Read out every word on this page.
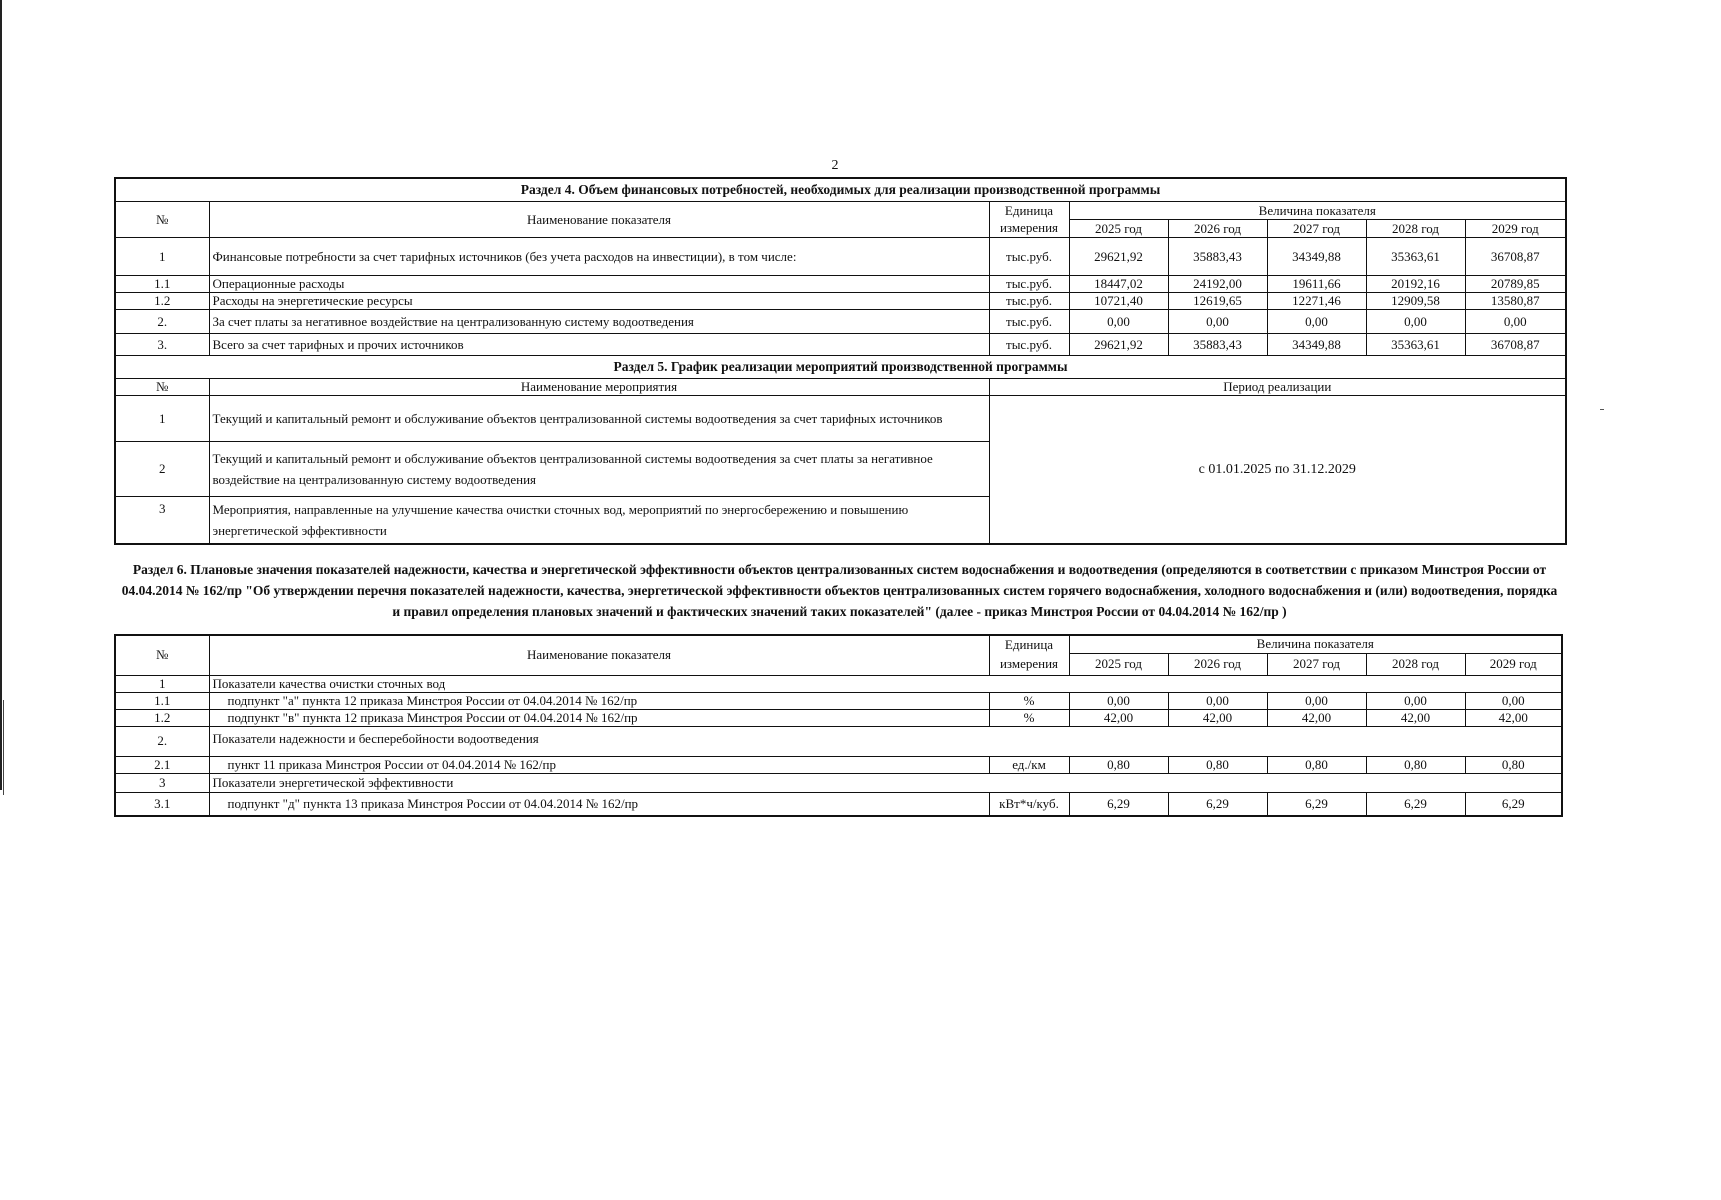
2
Раздел 4. Объем финансовых потребностей, необходимых для реализации производственной программы							
№	Наименование показателя	Единица	Величина показателя				
		измерения	2025 год	2026 год	2027 год	2028 год	2029 год
1	Финансовые потребности за счет тарифных источников (без учета расходов на инвестиции), в том числе:	тыс.руб.	29621,92	35883,43	34349,88	35363,61	36708,87
1.1	Операционные расходы	тыс.руб.	18447,02	24192,00	19611,66	20192,16	20789,85
1.2	Расходы на энергетические ресурсы	тыс.руб.	10721,40	12619,65	12271,46	12909,58	13580,87
2.	За счет платы за негативное воздействие на централизованную систему водоотведения	тыс.руб.	0,00	0,00	0,00	0,00	0,00
3.	Всего за счет тарифных и прочих источников	тыс.руб.	29621,92	35883,43	34349,88	35363,61	36708,87
Раздел 5. График реализации мероприятий производственной программы							
№	Наименование мероприятия	Период реализации					
1	Текущий и капитальный ремонт и обслуживание объектов централизованной системы водоотведения за счет тарифных источников	с 01.01.2025 по 31.12.2029					
2	Текущий и капитальный ремонт и обслуживание объектов централизованной системы водоотведения за счет платы за негативное воздействие на централизованную систему водоотведения						
3	Мероприятия, направленные на улучшение качества очистки сточных вод, мероприятий по энергосбережению и повышению энергетической эффективности						
Раздел 6. Плановые значения показателей надежности, качества и энергетической эффективности объектов централизованных систем водоснабжения и водоотведения (определяются в соответствии с приказом Минстроя России от 04.04.2014 № 162/пр "Об утверждении перечня показателей надежности, качества, энергетической эффективности объектов централизованных систем горячего водоснабжения, холодного водоснабжения и (или) водоотведения, порядка и правил определения плановых значений и фактических значений таких показателей" (далее - приказ Минстроя России от 04.04.2014 № 162/пр )
№	Наименование показателя	Единица	Величина показателя				
		измерения	2025 год	2026 год	2027 год	2028 год	2029 год
1	Показатели качества очистки сточных вод						
1.1	подпункт "а" пункта 12 приказа Минстроя России от 04.04.2014 № 162/пр	%	0,00	0,00	0,00	0,00	0,00
1.2	подпункт "в" пункта 12 приказа Минстроя России от 04.04.2014 № 162/пр	%	42,00	42,00	42,00	42,00	42,00
2.	Показатели надежности и бесперебойности водоотведения						
2.1	пункт 11 приказа Минстроя России от 04.04.2014 № 162/пр	ед./км	0,80	0,80	0,80	0,80	0,80
3	Показатели энергетической эффективности						
3.1	подпункт "д" пункта 13 приказа Минстроя России от 04.04.2014 № 162/пр	кВт*ч/куб.	6,29	6,29	6,29	6,29	6,29
